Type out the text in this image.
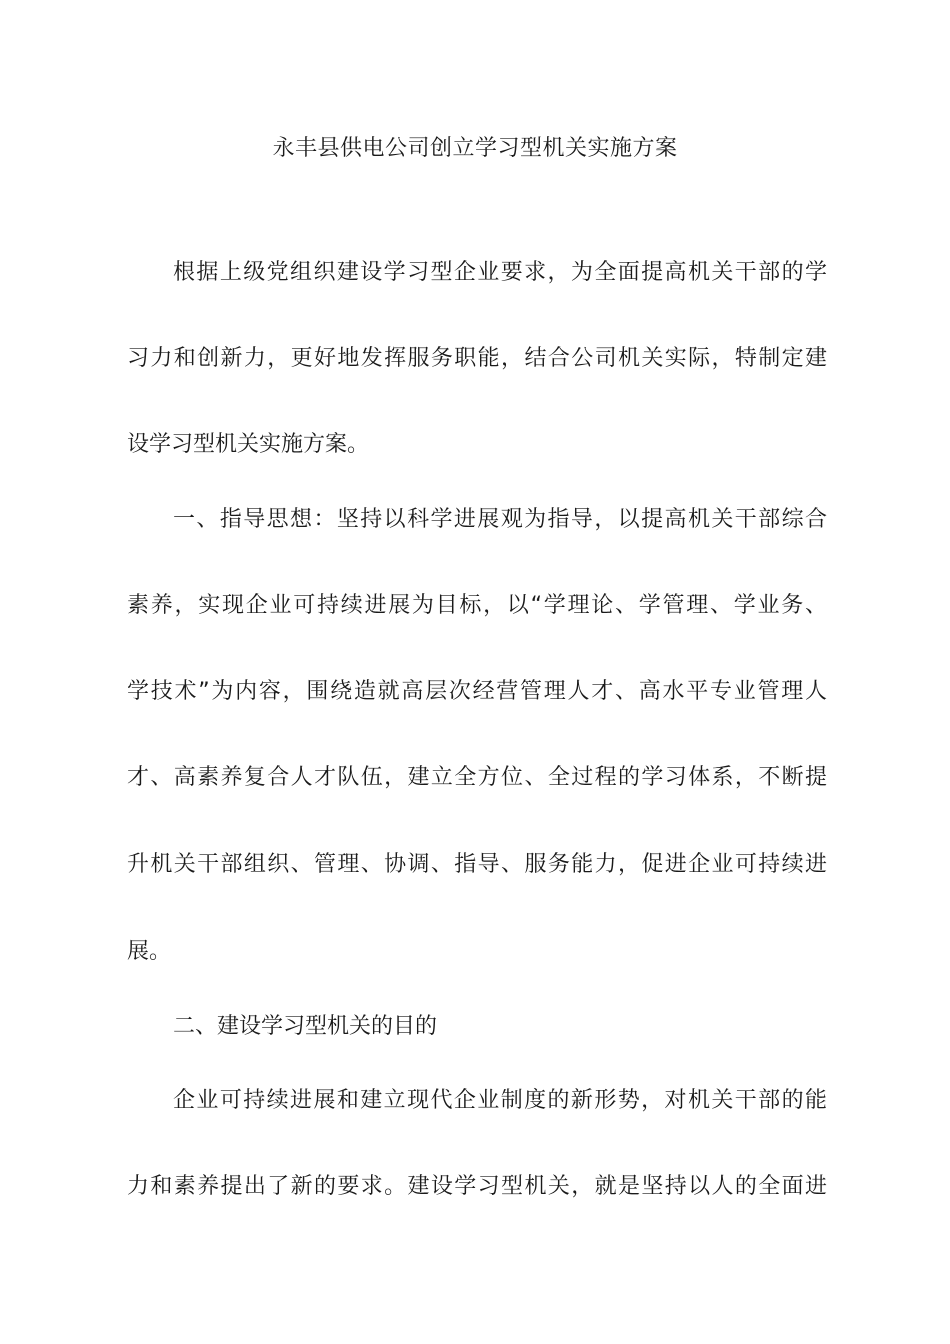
永丰县供电公司创立学习型机关实施方案
根据上级党组织建设学习型企业要求，为全面提高机关干部的学
习力和创新力，更好地发挥服务职能，结合公司机关实际，特制定建
设学习型机关实施方案。
一、指导思想：坚持以科学进展观为指导，以提高机关干部综合
素养，实现企业可持续进展为目标，以“学理论、学管理、学业务、
学技术”为内容，围绕造就高层次经营管理人才、高水平专业管理人
才、高素养复合人才队伍，建立全方位、全过程的学习体系，不断提
升机关干部组织、管理、协调、指导、服务能力，促进企业可持续进
展。
二、建设学习型机关的目的
企业可持续进展和建立现代企业制度的新形势，对机关干部的能
力和素养提出了新的要求。建设学习型机关，就是坚持以人的全面进
